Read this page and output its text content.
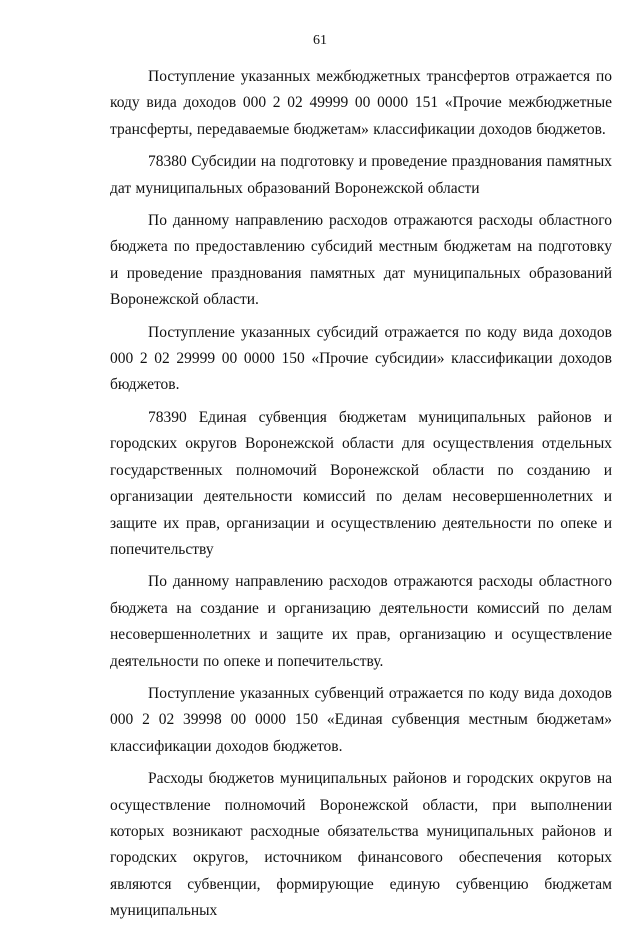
61

Поступление указанных межбюджетных трансфертов отражается по коду вида доходов 000 2 02 49999 00 0000 151 «Прочие межбюджетные трансферты, передаваемые бюджетам» классификации доходов бюджетов.

78380 Субсидии на подготовку и проведение празднования памятных дат муниципальных образований Воронежской области

По данному направлению расходов отражаются расходы областного бюджета по предоставлению субсидий местным бюджетам на подготовку и проведение празднования памятных дат муниципальных образований Воронежской области.

Поступление указанных субсидий отражается по коду вида доходов 000 2 02 29999 00 0000 150 «Прочие субсидии» классификации доходов бюджетов.

78390 Единая субвенция бюджетам муниципальных районов и городских округов Воронежской области для осуществления отдельных государственных полномочий Воронежской области по созданию и организации деятельности комиссий по делам несовершеннолетних и защите их прав, организации и осуществлению деятельности по опеке и попечительству

По данному направлению расходов отражаются расходы областного бюджета на создание и организацию деятельности комиссий по делам несовершеннолетних и защите их прав, организацию и осуществление деятельности по опеке и попечительству.

Поступление указанных субвенций отражается по коду вида доходов 000 2 02 39998 00 0000 150 «Единая субвенция местным бюджетам» классификации доходов бюджетов.

Расходы бюджетов муниципальных районов и городских округов на осуществление полномочий Воронежской области, при выполнении которых возникают расходные обязательства муниципальных районов и городских округов, источником финансового обеспечения которых являются субвенции, формирующие единую субвенцию бюджетам муниципальных
